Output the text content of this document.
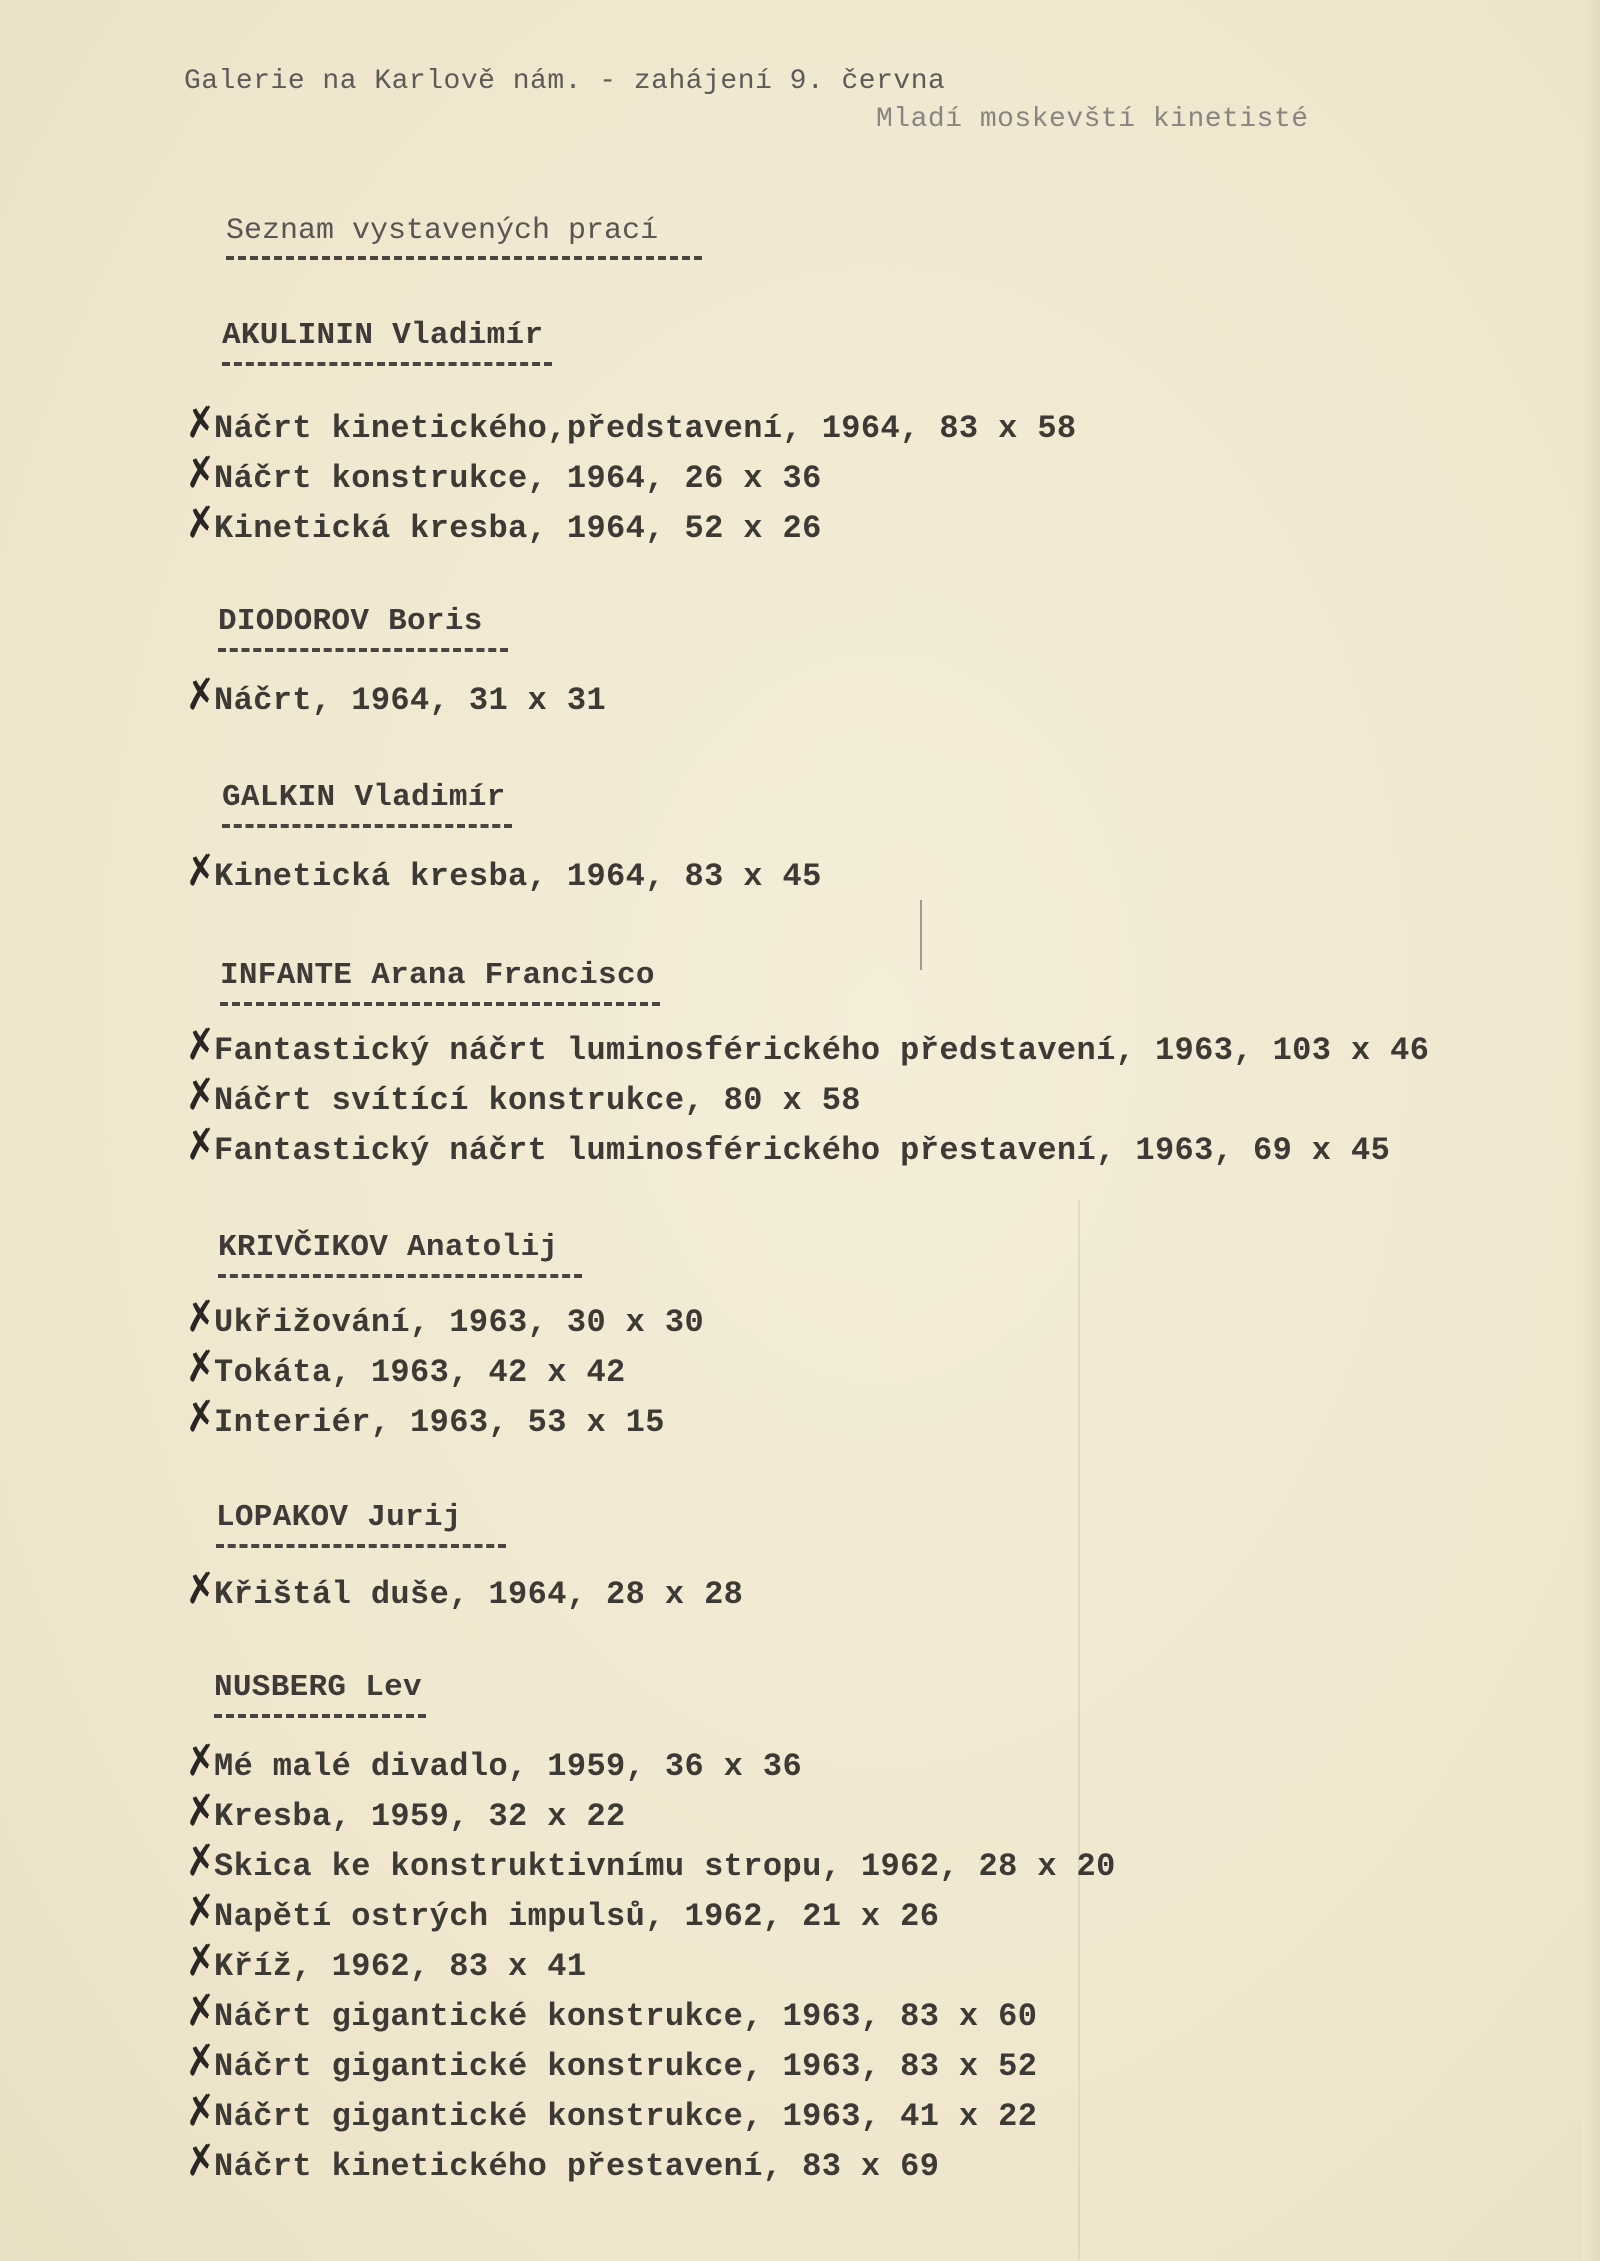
Galerie na Karlově nám. - zahájení 9. června
Mladí moskevští kinetisté
Seznam vystavených prací
AKULININ Vladimír
✗
Náčrt kinetického,představení, 1964, 83 x 58
✗
Náčrt konstrukce, 1964, 26 x 36
✗
Kinetická kresba, 1964, 52 x 26
DIODOROV Boris
✗
Náčrt, 1964, 31 x 31
GALKIN Vladimír
✗
Kinetická kresba, 1964, 83 x 45
INFANTE Arana Francisco
✗
Fantastický náčrt luminosférického představení, 1963, 103 x 46
✗
Náčrt svítící konstrukce, 80 x 58
✗
Fantastický náčrt luminosférického přestavení, 1963, 69 x 45
KRIVČIKOV Anatolij
✗
Ukřižování, 1963, 30 x 30
✗
Tokáta, 1963, 42 x 42
✗
Interiér, 1963, 53 x 15
LOPAKOV Jurij
✗
Křištál duše, 1964, 28 x 28
NUSBERG Lev
✗
Mé malé divadlo, 1959, 36 x 36
✗
Kresba, 1959, 32 x 22
✗
Skica ke konstruktivnímu stropu, 1962, 28 x 20
✗
Napětí ostrých impulsů, 1962, 21 x 26
✗
Kříž, 1962, 83 x 41
✗
Náčrt gigantické konstrukce, 1963, 83 x 60
✗
Náčrt gigantické konstrukce, 1963, 83 x 52
✗
Náčrt gigantické konstrukce, 1963, 41 x 22
✗
Náčrt kinetického přestavení, 83 x 69
